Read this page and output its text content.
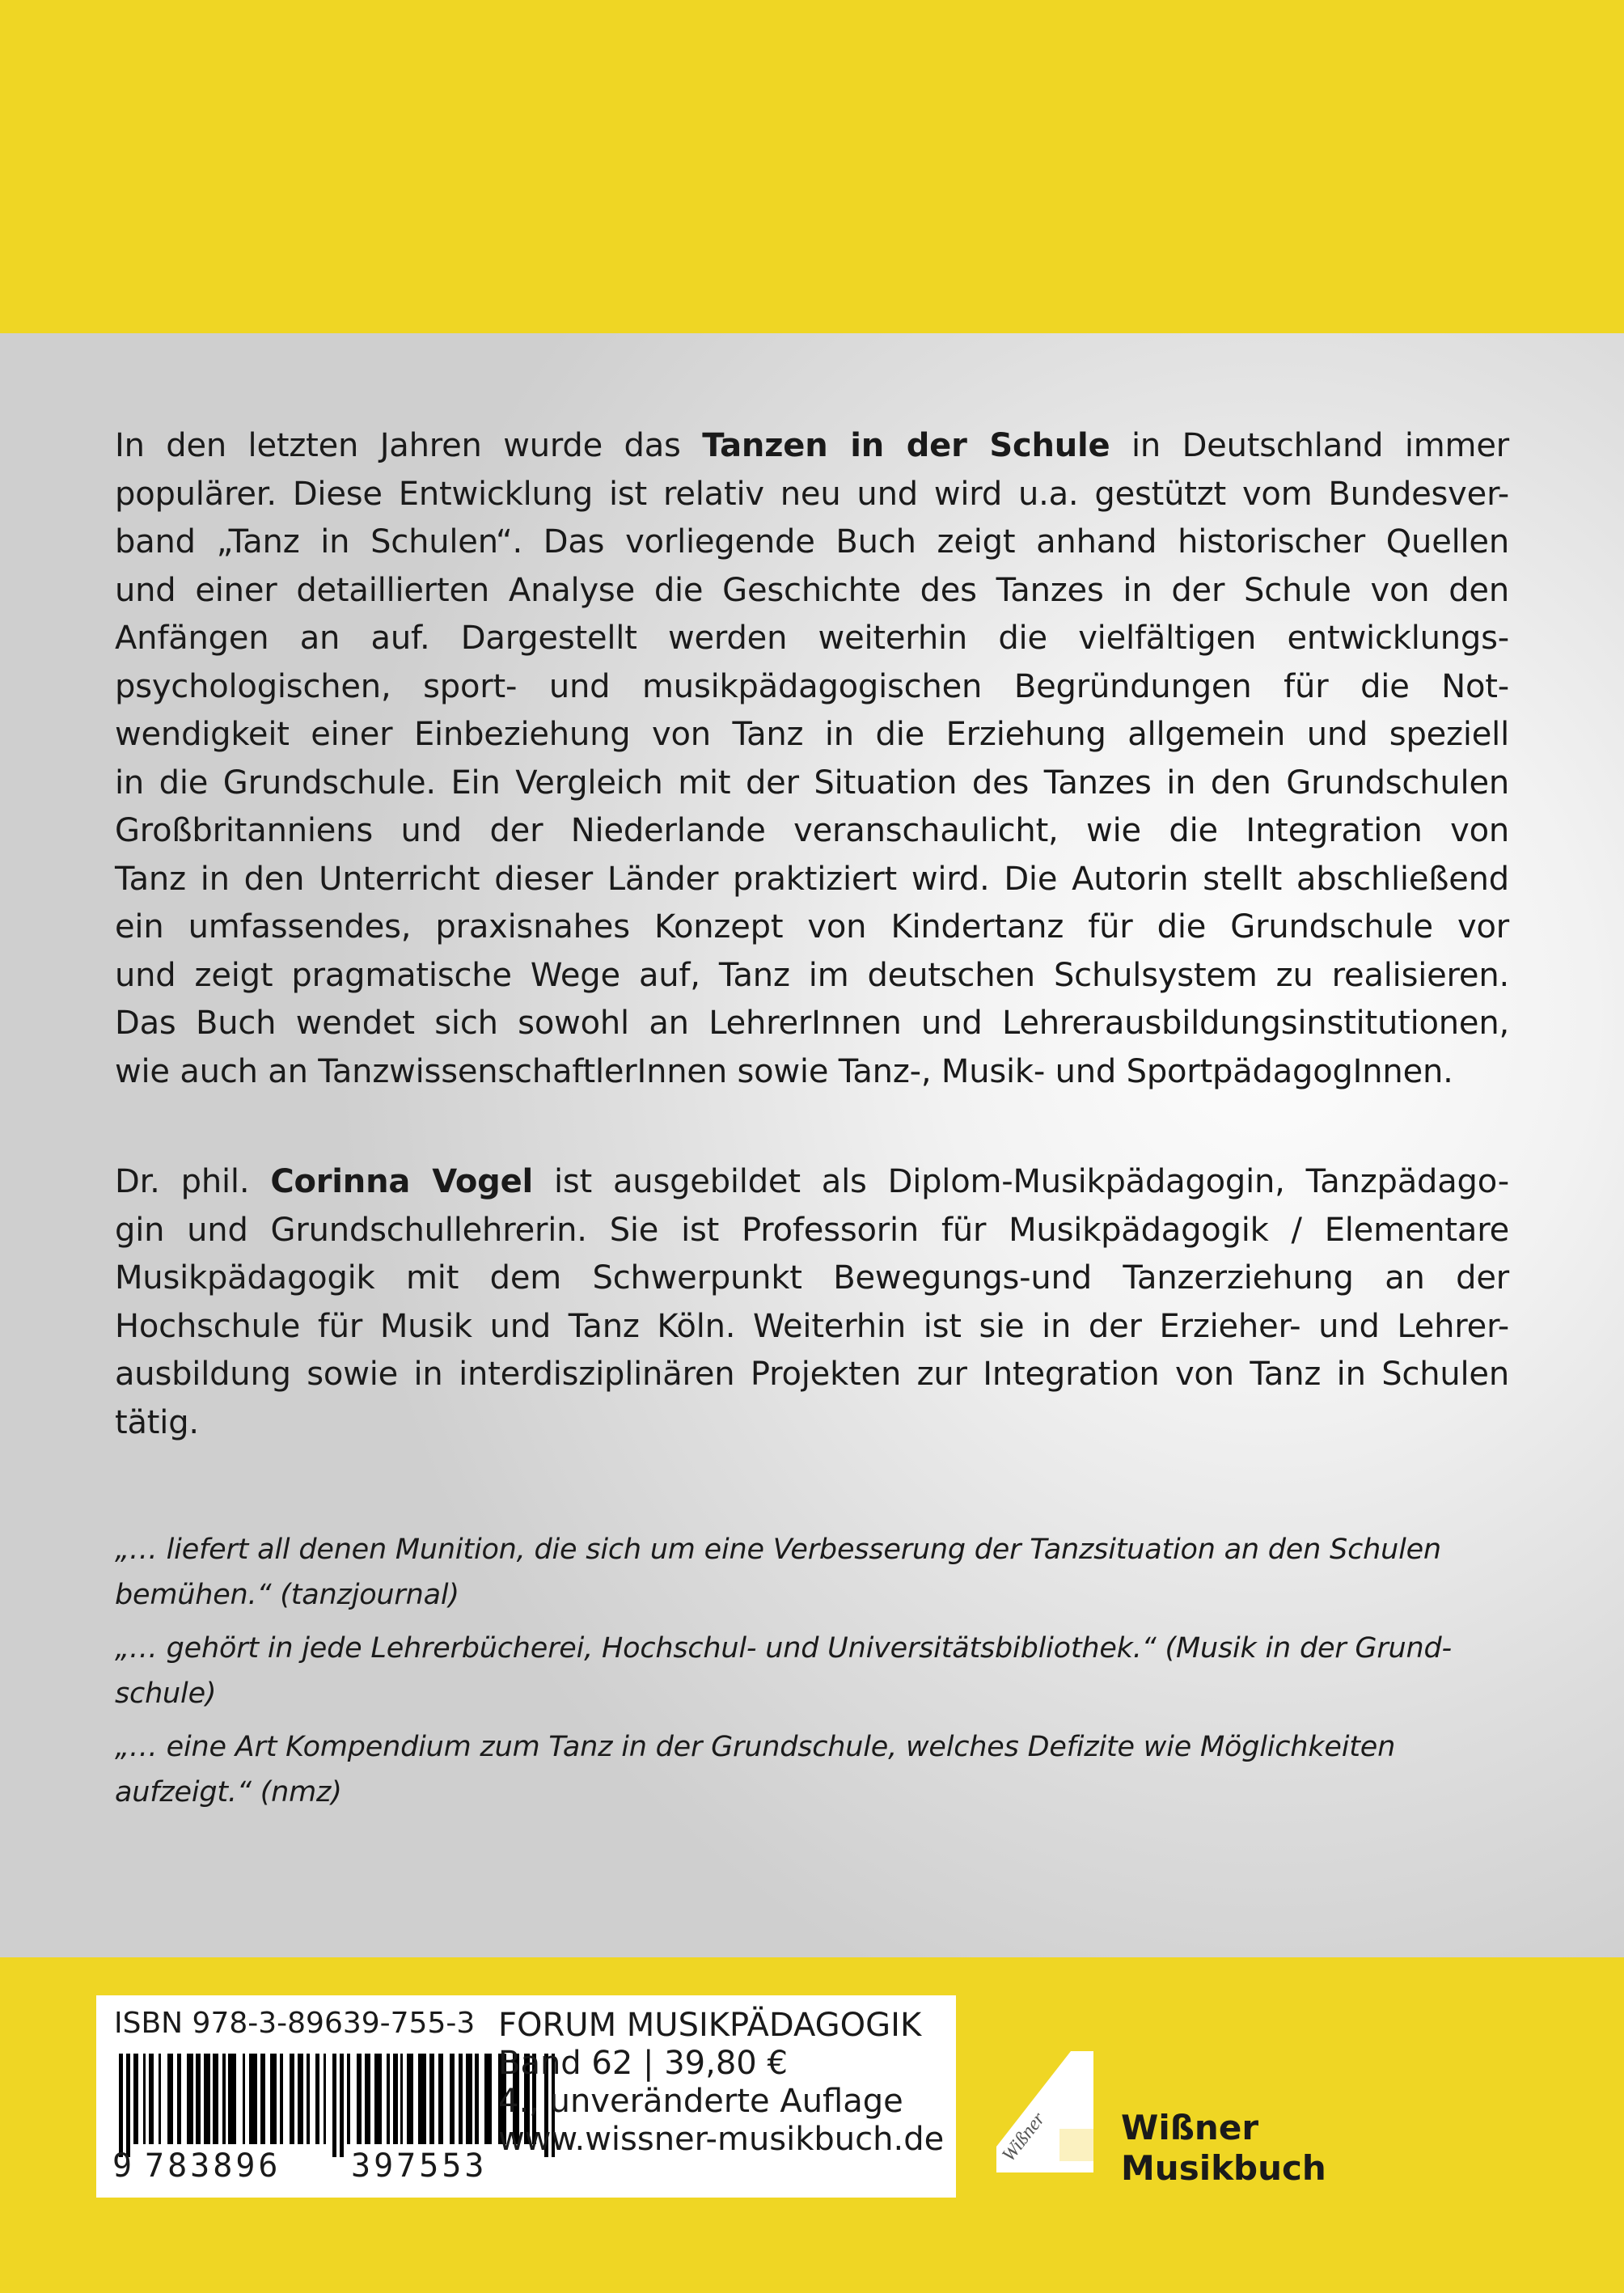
In den letzten Jahren wurde das Tanzen in der Schule in Deutschland immer
populärer. Diese Entwicklung ist relativ neu und wird u.a. gestützt vom Bundesver-
band „Tanz in Schulen“. Das vorliegende Buch zeigt anhand historischer Quellen
und einer detaillierten Analyse die Geschichte des Tanzes in der Schule von den
Anfängen an auf. Dargestellt werden weiterhin die vielfältigen entwicklungs-
psychologischen, sport- und musikpädagogischen Begründungen für die Not-
wendigkeit einer Einbeziehung von Tanz in die Erziehung allgemein und speziell
in die Grundschule. Ein Vergleich mit der Situation des Tanzes in den Grundschulen
Großbritanniens und der Niederlande veranschaulicht, wie die Integration von
Tanz in den Unterricht dieser Länder praktiziert wird. Die Autorin stellt abschließend
ein umfassendes, praxisnahes Konzept von Kindertanz für die Grundschule vor
und zeigt pragmatische Wege auf, Tanz im deutschen Schulsystem zu realisieren.
Das Buch wendet sich sowohl an LehrerInnen und Lehrerausbildungsinstitutionen,
wie auch an TanzwissenschaftlerInnen sowie Tanz-, Musik- und SportpädagogInnen.
Dr. phil. Corinna Vogel ist ausgebildet als Diplom-Musikpädagogin, Tanzpädago-
gin und Grundschullehrerin. Sie ist Professorin für Musikpädagogik / Elementare
Musikpädagogik mit dem Schwerpunkt Bewegungs-und Tanzerziehung an der
Hochschule für Musik und Tanz Köln. Weiterhin ist sie in der Erzieher- und Lehrer-
ausbildung sowie in interdisziplinären Projekten zur Integration von Tanz in Schulen
tätig.
„… liefert all denen Munition, die sich um eine Verbesserung der Tanzsituation an den Schulen
bemühen.“ (tanzjournal)
„… gehört in jede Lehrerbücherei, Hochschul- und Universitätsbibliothek.“ (Musik in der Grund-
schule)
„… eine Art Kompendium zum Tanz in der Grundschule, welches Defizite wie Möglichkeiten
aufzeigt.“ (nmz)
ISBN 978-3-89639-755-3
9 783896 397553
FORUM MUSIKPÄDAGOGIK
Band 62 | 39,80 €
4., unveränderte Auflage
www.wissner-musikbuch.de	Wißner Wißner
Musikbuch
